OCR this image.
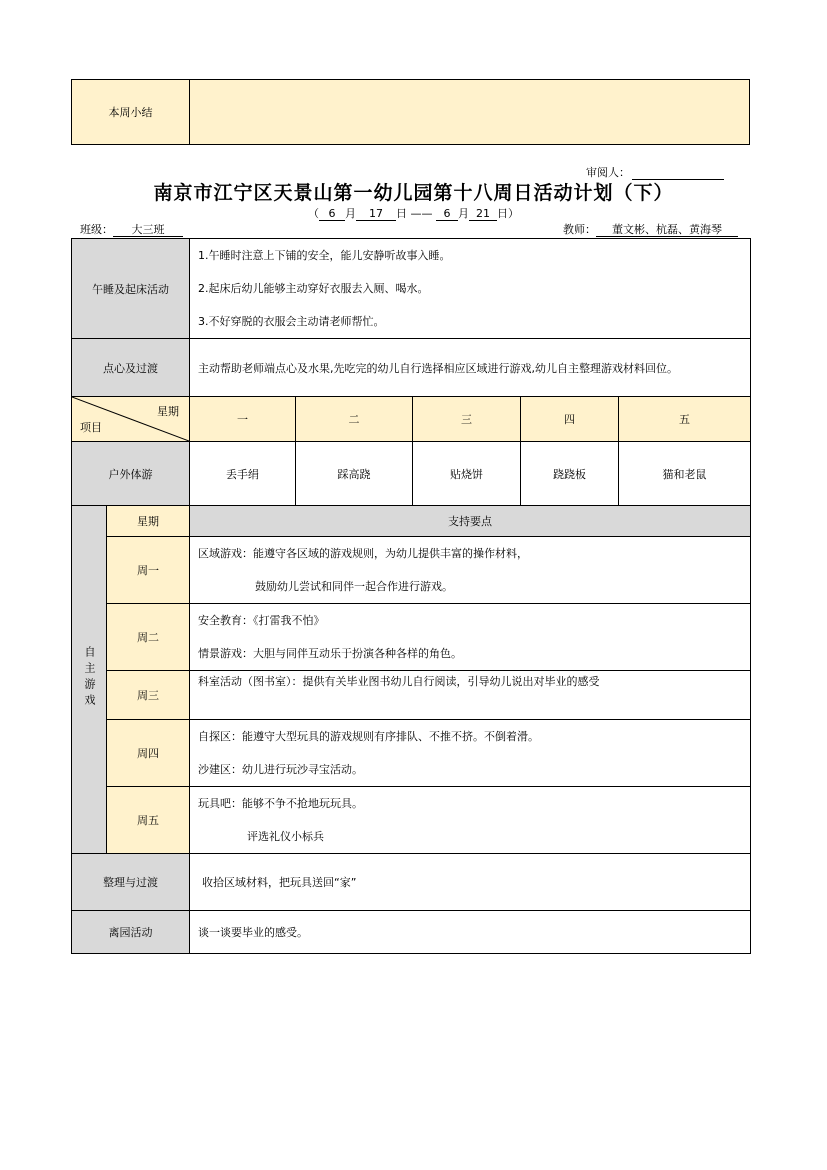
本周小结	
审阅人：
南京市江宁区天景山第一幼儿园第十八周日活动计划（下）
（ 6 月 17 日 —— 6 月 21 日）
班级： 大三班	教师： 董文彬、杭磊、黄海琴
午睡及起床活动		1.午睡时注意上下铺的安全，能儿安静听故事入睡。

2.起床后幼儿能够主动穿好衣服去入厕、喝水。

3.不好穿脱的衣服会主动请老师帮忙。				

点心及过渡		主动帮助老师端点心及水果,先吃完的幼儿自行选择相应区域进行游戏,幼儿自主整理游戏材料回位。				

星期
项目		一	二	三	四	五
户外体游		丢手绢	踩高跷	贴烧饼	跷跷板	猫和老鼠
自主游戏	星期	支持要点				
	周一	区域游戏：能遵守各区域的游戏规则，为幼儿提供丰富的操作材料，

鼓励幼儿尝试和同伴一起合作进行游戏。				

	周二	安全教育：《打雷我不怕》

情景游戏：大胆与同伴互动乐于扮演各种各样的角色。				

	周三	科室活动（图书室）：提供有关毕业图书幼儿自行阅读，引导幼儿说出对毕业的感受				

	周四	自探区：能遵守大型玩具的游戏规则有序排队、不推不挤。不倒着滑。

沙建区：幼儿进行玩沙寻宝活动。				

	周五	玩具吧：能够不争不抢地玩玩具。

评选礼仪小标兵				

整理与过渡		收拾区域材料，把玩具送回“家”				
离园活动		谈一谈要毕业的感受。				
